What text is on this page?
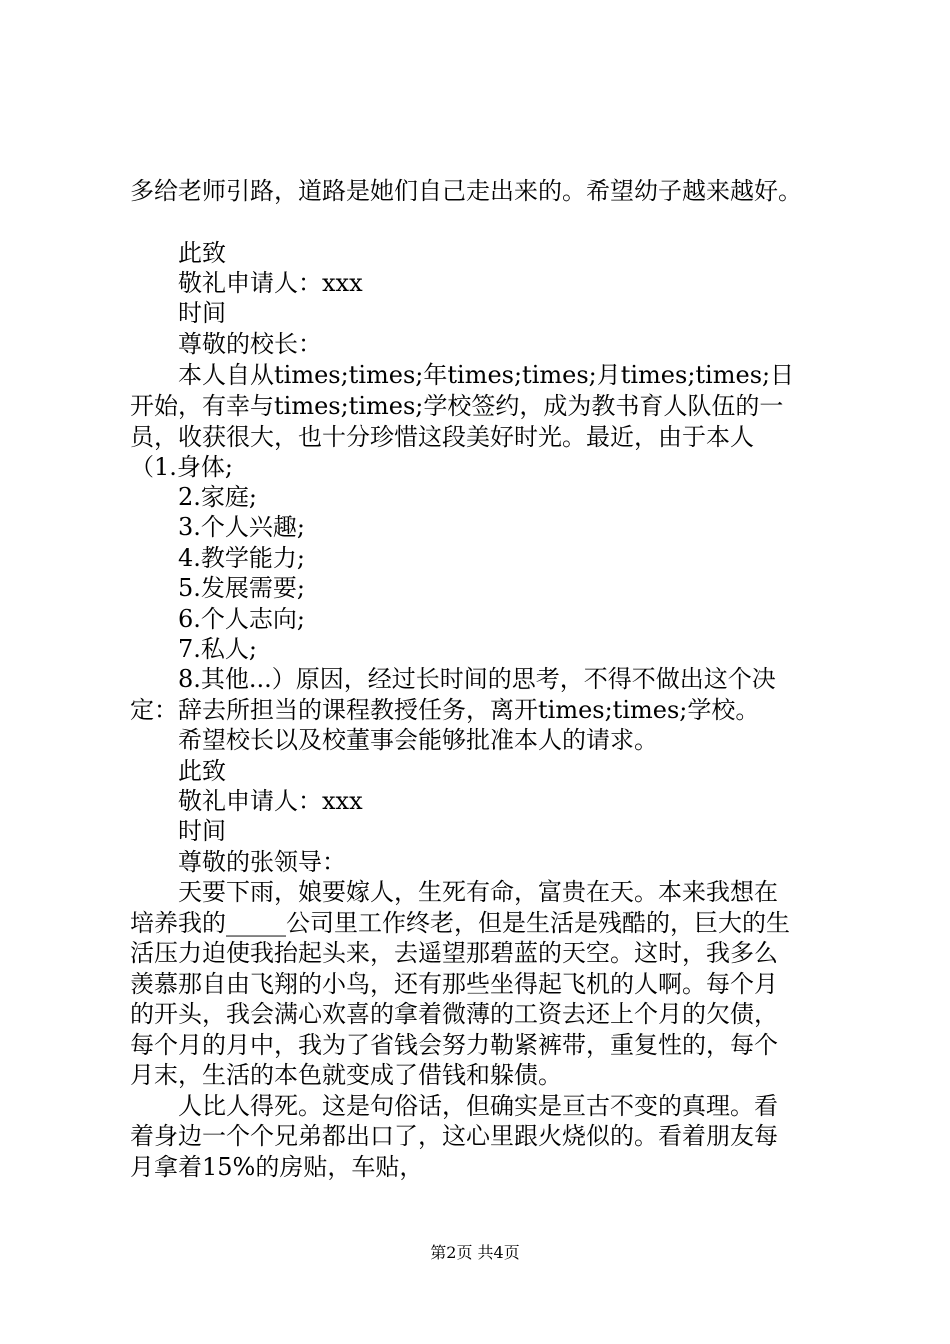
多给老师引路，道路是她们自己走出来的。希望幼子越来越好。
此致
敬礼申请人：xxx
时间
尊敬的校长：
本人自从times;times;年times;times;月times;times;日
开始，有幸与times;times;学校签约，成为教书育人队伍的一
员，收获很大，也十分珍惜这段美好时光。最近，由于本人
（1.身体;
2.家庭;
3.个人兴趣;
4.教学能力;
5.发展需要;
6.个人志向;
7.私人;
8.其他...）原因，经过长时间的思考，不得不做出这个决
定：辞去所担当的课程教授任务，离开times;times;学校。
希望校长以及校董事会能够批准本人的请求。
此致
敬礼申请人：xxx
时间
尊敬的张领导：
天要下雨，娘要嫁人，生死有命，富贵在天。本来我想在
培养我的_____公司里工作终老，但是生活是残酷的，巨大的生
活压力迫使我抬起头来，去遥望那碧蓝的天空。这时，我多么
羡慕那自由飞翔的小鸟，还有那些坐得起飞机的人啊。每个月
的开头，我会满心欢喜的拿着微薄的工资去还上个月的欠债，
每个月的月中，我为了省钱会努力勒紧裤带，重复性的，每个
月末，生活的本色就变成了借钱和躲债。
人比人得死。这是句俗话，但确实是亘古不变的真理。看
着身边一个个兄弟都出口了，这心里跟火烧似的。看着朋友每
月拿着15%的房贴，车贴，
第2页 共4页
